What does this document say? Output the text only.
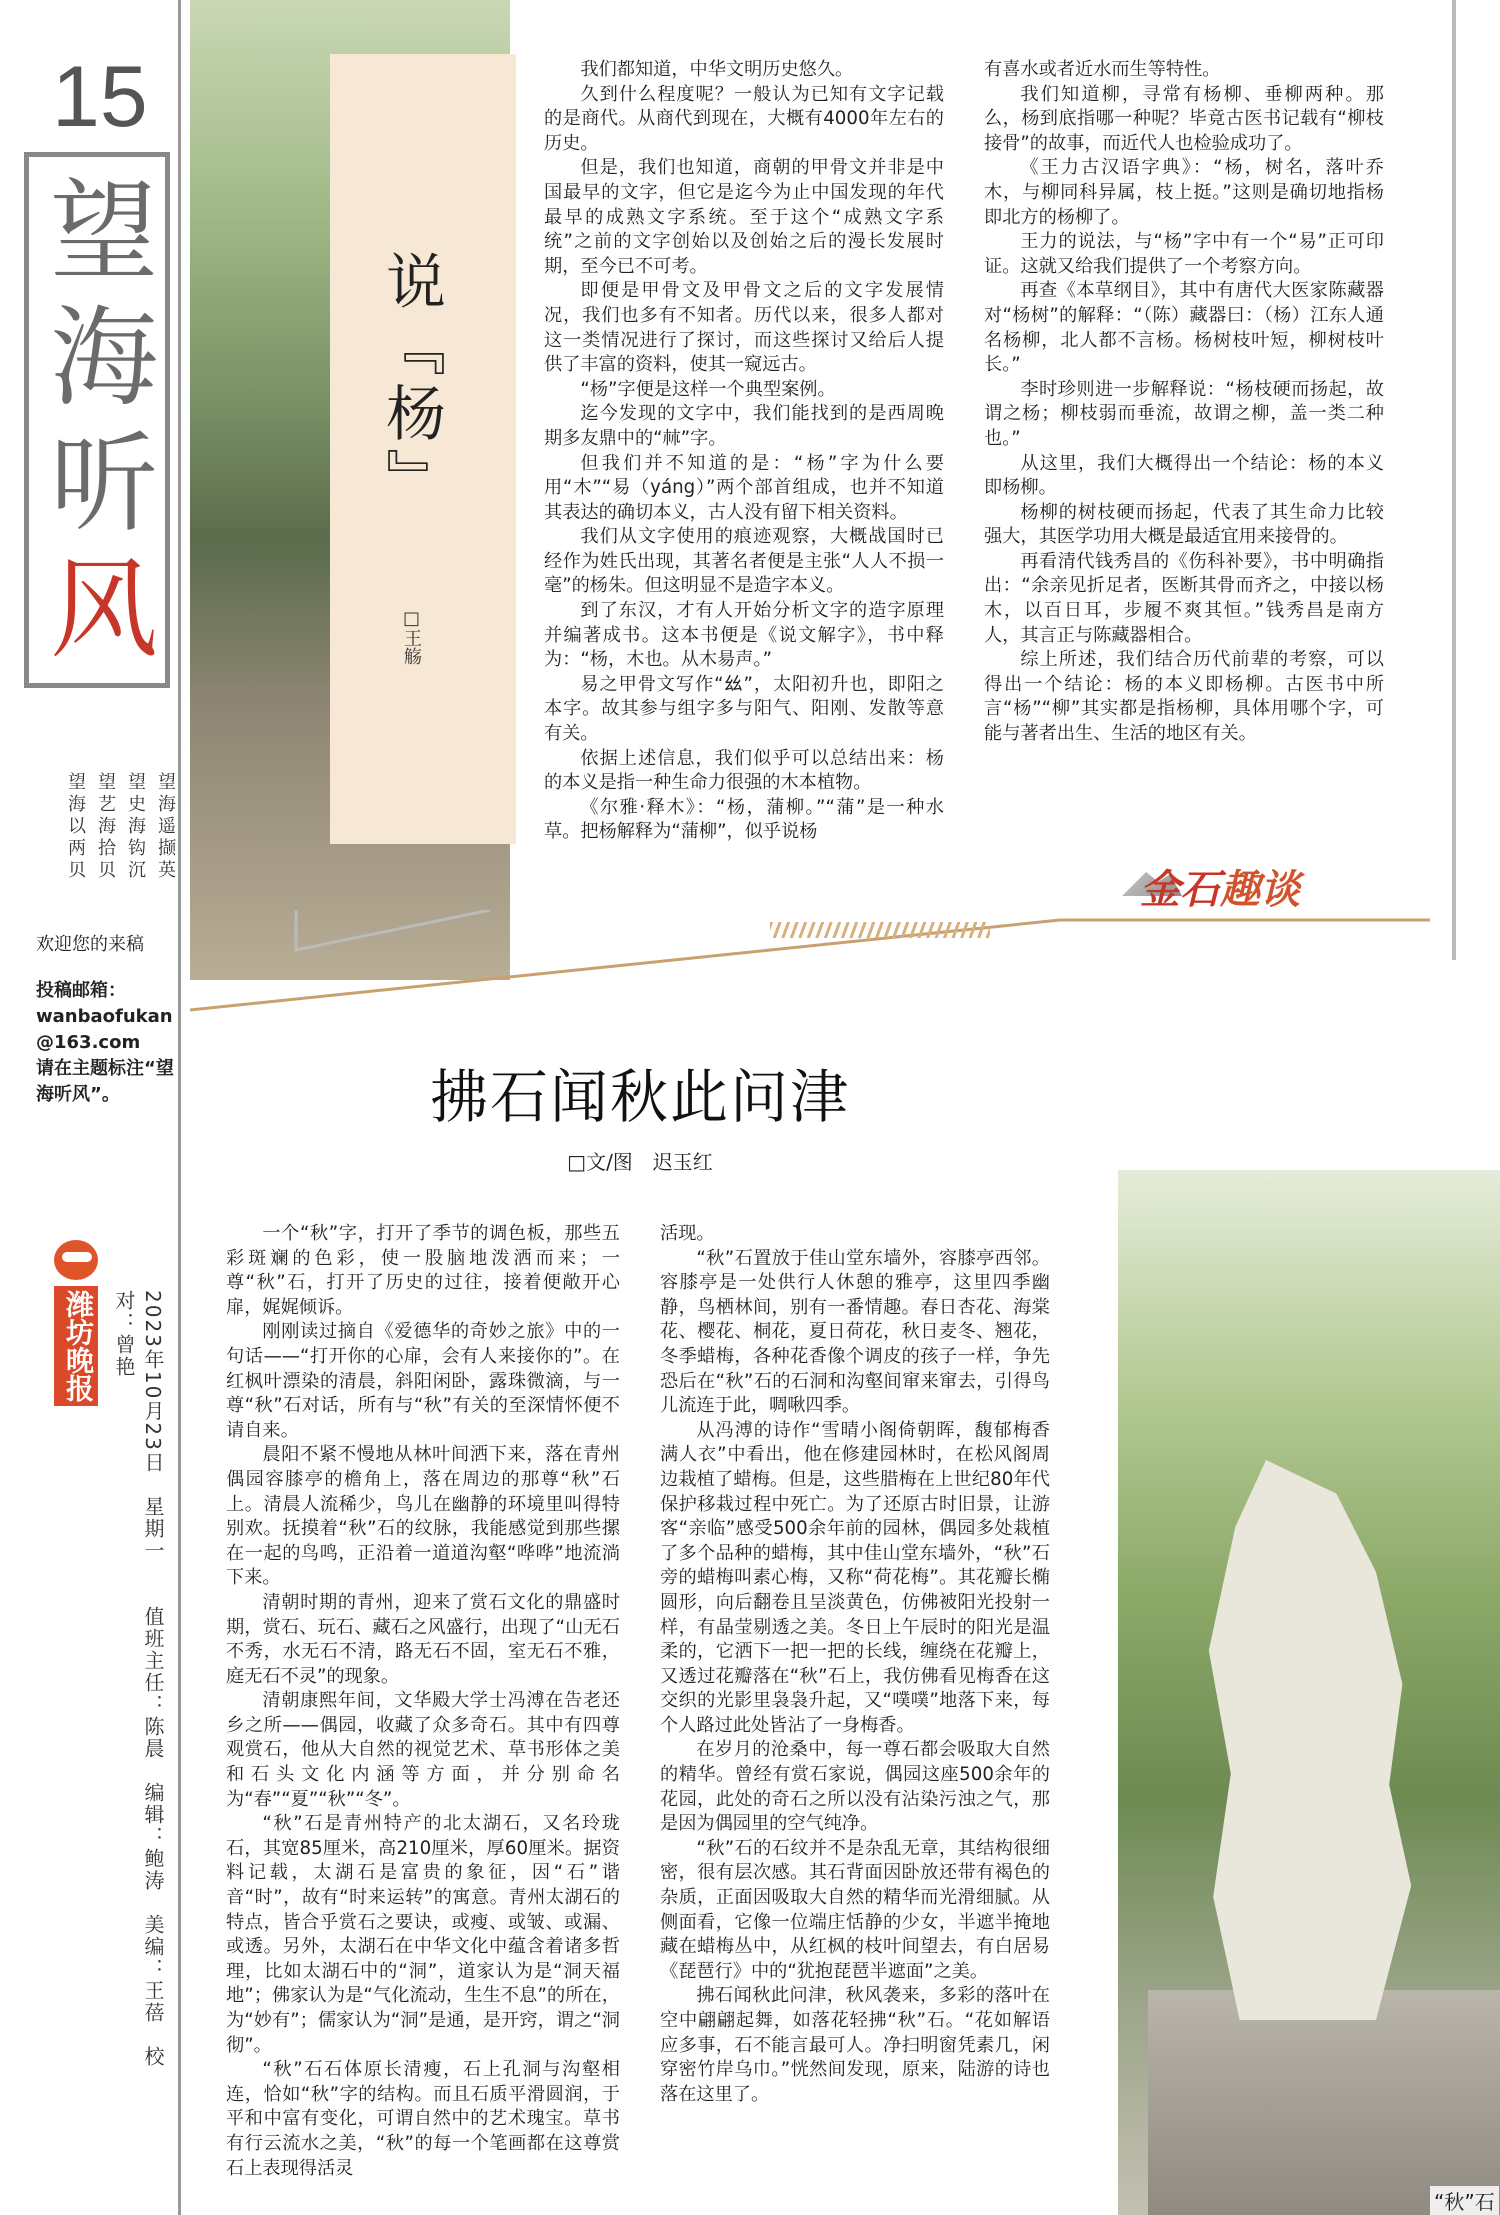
15
望
海
听
风
望海遥撷英
望史海钩沉
望艺海拾贝
望海以两贝
欢迎您的来稿
投稿邮箱：
wanbaofukan
@163.com
请在主题标注“望海听风”。
潍坊晚报	2023年10月23日　星期一　　值班主任：陈晨　编辑：鲍涛　美编：王蓓　校对：曾艳
说『杨』
□王觞

我们都知道，中华文明历史悠久。

久到什么程度呢？一般认为已知有文字记载的是商代。从商代到现在，大概有4000年左右的历史。

但是，我们也知道，商朝的甲骨文并非是中国最早的文字，但它是迄今为止中国发现的年代最早的成熟文字系统。至于这个“成熟文字系统”之前的文字创始以及创始之后的漫长发展时期，至今已不可考。

即便是甲骨文及甲骨文之后的文字发展情况，我们也多有不知者。历代以来，很多人都对这一类情况进行了探讨，而这些探讨又给后人提供了丰富的资料，使其一窥远古。

“杨”字便是这样一个典型案例。

迄今发现的文字中，我们能找到的是西周晚期多友鼎中的“𣏟”字。

但我们并不知道的是：“杨”字为什么要用“木”“易（yáng）”两个部首组成，也并不知道其表达的确切本义，古人没有留下相关资料。

我们从文字使用的痕迹观察，大概战国时已经作为姓氏出现，其著名者便是主张“人人不损一毫”的杨朱。但这明显不是造字本义。

到了东汉，才有人开始分析文字的造字原理并编著成书。这本书便是《说文解字》，书中释为：“杨，木也。从木昜声。”

易之甲骨文写作“𢆶”，太阳初升也，即阳之本字。故其参与组字多与阳气、阳刚、发散等意有关。

依据上述信息，我们似乎可以总结出来：杨的本义是指一种生命力很强的木本植物。

《尔雅·释木》：“杨，蒲柳。”“蒲”是一种水草。把杨解释为“蒲柳”，似乎说杨

有喜水或者近水而生等特性。

我们知道柳，寻常有杨柳、垂柳两种。那么，杨到底指哪一种呢？毕竟古医书记载有“柳枝接骨”的故事，而近代人也检验成功了。

《王力古汉语字典》：“杨，树名，落叶乔木，与柳同科异属，枝上挺。”这则是确切地指杨即北方的杨柳了。

王力的说法，与“杨”字中有一个“易”正可印证。这就又给我们提供了一个考察方向。

再查《本草纲目》，其中有唐代大医家陈藏器对“杨树”的解释：“（陈）藏器曰：（杨）江东人通名杨柳，北人都不言杨。杨树枝叶短，柳树枝叶长。”

李时珍则进一步解释说：“杨枝硬而扬起，故谓之杨；柳枝弱而垂流，故谓之柳，盖一类二种也。”

从这里，我们大概得出一个结论：杨的本义即杨柳。

杨柳的树枝硬而扬起，代表了其生命力比较强大，其医学功用大概是最适宜用来接骨的。

再看清代钱秀昌的《伤科补要》，书中明确指出：“余亲见折足者，医断其骨而齐之，中接以杨木，以百日耳，步履不爽其恒。”钱秀昌是南方人，其言正与陈藏器相合。

综上所述，我们结合历代前辈的考察，可以得出一个结论：杨的本义即杨柳。古医书中所言“杨”“柳”其实都是指杨柳，具体用哪个字，可能与著者出生、生活的地区有关。

金石趣谈
拂石闻秋此问津
□文/图　迟玉红

一个“秋”字，打开了季节的调色板，那些五彩斑斓的色彩，使一股脑地泼洒而来；一尊“秋”石，打开了历史的过往，接着便敞开心扉，娓娓倾诉。

刚刚读过摘自《爱德华的奇妙之旅》中的一句话——“打开你的心扉，会有人来接你的”。在红枫叶漂染的清晨，斜阳闲卧，露珠微滴，与一尊“秋”石对话，所有与“秋”有关的至深情怀便不请自来。

晨阳不紧不慢地从林叶间洒下来，落在青州偶园容膝亭的檐角上，落在周边的那尊“秋”石上。清晨人流稀少，鸟儿在幽静的环境里叫得特别欢。抚摸着“秋”石的纹脉，我能感觉到那些摞在一起的鸟鸣，正沿着一道道沟壑“哗哗”地流淌下来。

清朝时期的青州，迎来了赏石文化的鼎盛时期，赏石、玩石、藏石之风盛行，出现了“山无石不秀，水无石不清，路无石不固，室无石不雅，庭无石不灵”的现象。

清朝康熙年间，文华殿大学士冯溥在告老还乡之所——偶园，收藏了众多奇石。其中有四尊观赏石，他从大自然的视觉艺术、草书形体之美和石头文化内涵等方面，并分别命名为“春”“夏”“秋”“冬”。

“秋”石是青州特产的北太湖石，又名玲珑石，其宽85厘米，高210厘米，厚60厘米。据资料记载，太湖石是富贵的象征，因“石”谐音“时”，故有“时来运转”的寓意。青州太湖石的特点，皆合乎赏石之要诀，或瘦、或皱、或漏、或透。另外，太湖石在中华文化中蕴含着诸多哲理，比如太湖石中的“洞”，道家认为是“洞天福地”；佛家认为是“气化流动，生生不息”的所在，为“妙有”；儒家认为“洞”是通，是开窍，谓之“洞彻”。

“秋”石石体原长清瘦，石上孔洞与沟壑相连，恰如“秋”字的结构。而且石质平滑圆润，于平和中富有变化，可谓自然中的艺术瑰宝。草书有行云流水之美，“秋”的每一个笔画都在这尊赏石上表现得活灵

活现。

“秋”石置放于佳山堂东墙外，容膝亭西邻。容膝亭是一处供行人休憩的雅亭，这里四季幽静，鸟栖林间，别有一番情趣。春日杏花、海棠花、樱花、桐花，夏日荷花，秋日麦冬、翘花，冬季蜡梅，各种花香像个调皮的孩子一样，争先恐后在“秋”石的石洞和沟壑间窜来窜去，引得鸟儿流连于此，啁啾四季。

从冯溥的诗作“雪晴小阁倚朝晖，馥郁梅香满人衣”中看出，他在修建园林时，在松风阁周边栽植了蜡梅。但是，这些腊梅在上世纪80年代保护移栽过程中死亡。为了还原古时旧景，让游客“亲临”感受500余年前的园林，偶园多处栽植了多个品种的蜡梅，其中佳山堂东墙外，“秋”石旁的蜡梅叫素心梅，又称“荷花梅”。其花瓣长椭圆形，向后翻卷且呈淡黄色，仿佛被阳光投射一样，有晶莹剔透之美。冬日上午辰时的阳光是温柔的，它洒下一把一把的长线，缠绕在花瓣上，又透过花瓣落在“秋”石上，我仿佛看见梅香在这交织的光影里袅袅升起，又“噗噗”地落下来，每个人路过此处皆沾了一身梅香。

在岁月的沧桑中，每一尊石都会吸取大自然的精华。曾经有赏石家说，偶园这座500余年的花园，此处的奇石之所以没有沾染污浊之气，那是因为偶园里的空气纯净。

“秋”石的石纹并不是杂乱无章，其结构很细密，很有层次感。其石背面因卧放还带有褐色的杂质，正面因吸取大自然的精华而光滑细腻。从侧面看，它像一位端庄恬静的少女，半遮半掩地藏在蜡梅丛中，从红枫的枝叶间望去，有白居易《琵琶行》中的“犹抱琵琶半遮面”之美。

拂石闻秋此问津，秋风袭来，多彩的落叶在空中翩翩起舞，如落花轻拂“秋”石。“花如解语应多事，石不能言最可人。净扫明窗凭素几，闲穿密竹岸乌巾。”恍然间发现，原来，陆游的诗也落在这里了。

“秋”石
